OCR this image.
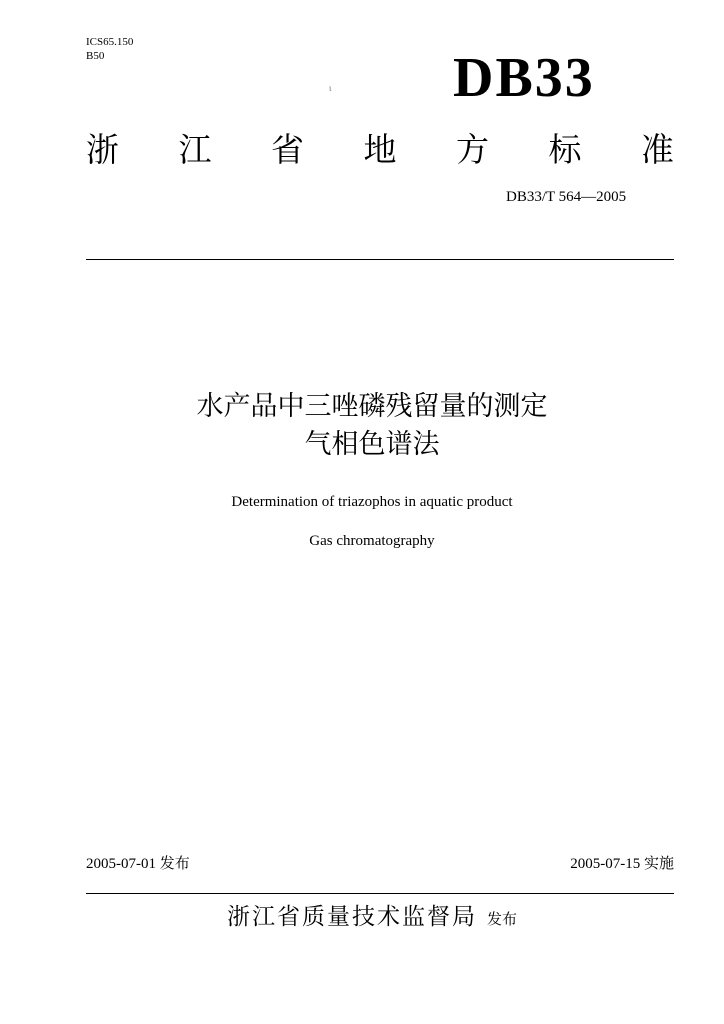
ICS65.150
B50
ι DB33
浙 江 省 地 方 标 准
DB33/T 564—2005
水产品中三唑磷残留量的测定
气相色谱法
Determination of triazophos in aquatic product
Gas chromatography
2005-07-01 发布	2005-07-15 实施
浙江省质量技术监督局 发布
